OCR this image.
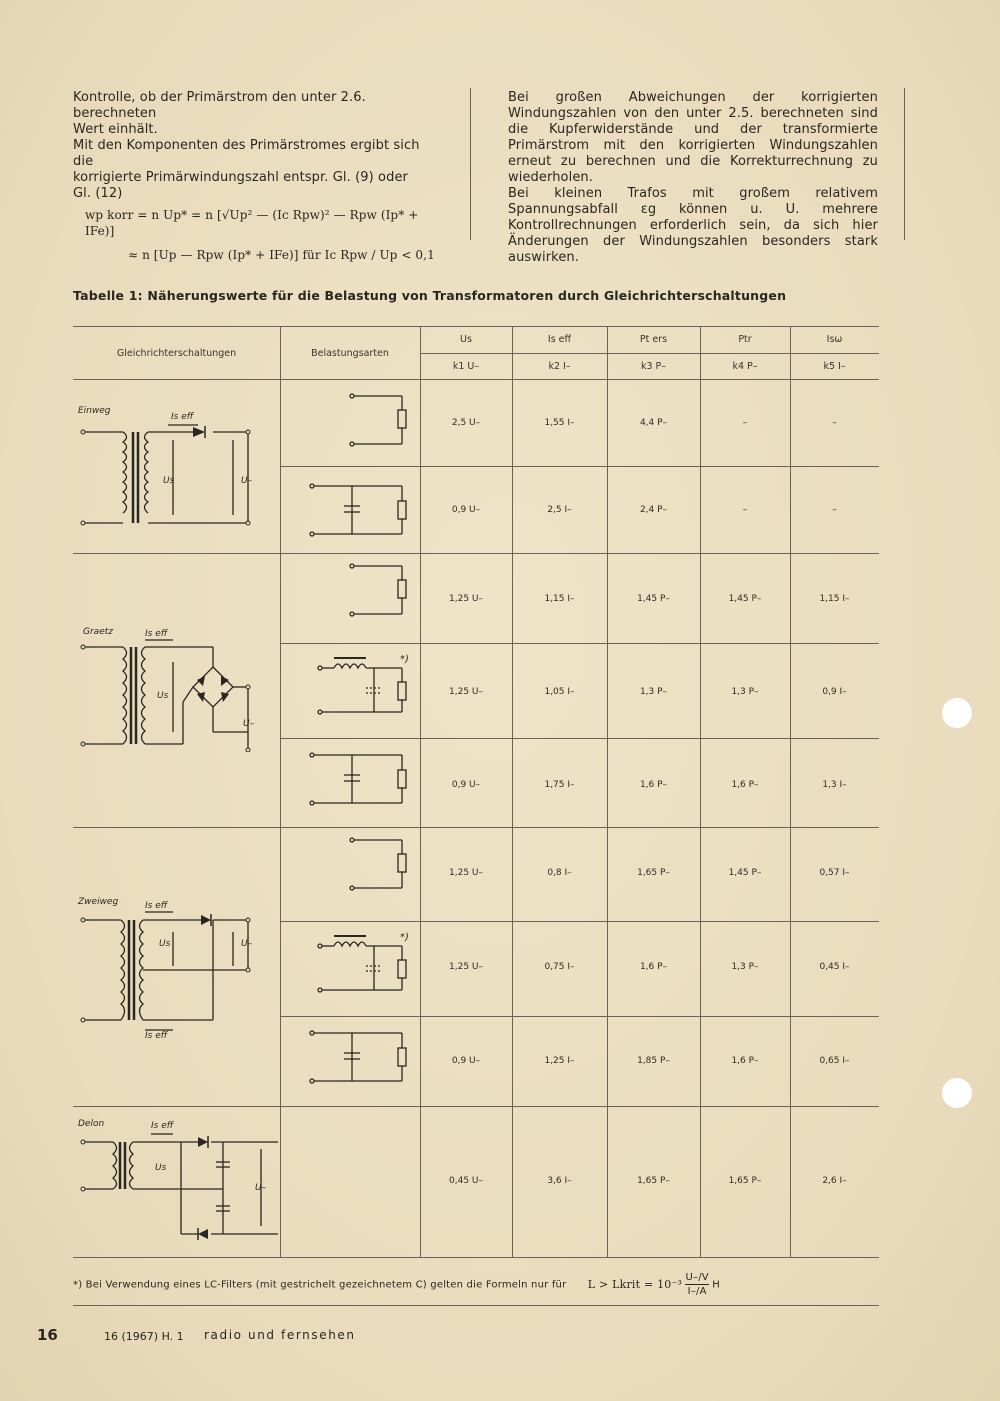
Kontrolle, ob der Primärstrom den unter 2.6. berechneten

Wert einhält.

Mit den Komponenten des Primärstromes ergibt sich die

korrigierte Primärwindungszahl entspr. Gl. (9) oder

Gl. (12)

wp korr = n Up* = n [√Up² — (Ic Rpw)² — Rpw (Ip* + IFe)]
≈ n [Up — Rpw (Ip* + IFe)] für Ic Rpw / Up < 0,1

Bei großen Abweichungen der korrigierten Windungszahlen von den unter 2.5. berechneten sind die Kupferwiderstände und der transformierte Primärstrom mit den korrigierten Windungszahlen erneut zu berechnen und die Korrekturrechnung zu wiederholen.

Bei kleinen Trafos mit großem relativem Spannungsabfall εg können u. U. mehrere Kontrollrechnungen erforderlich sein, da sich hier Änderungen der Windungszahlen besonders stark auswirken.

Tabelle 1: Näherungswerte für die Belastung von Transformatoren durch Gleichrichterschaltungen
Gleichrichterschaltungen	Belastungsarten
Us	Is eff	Pt ers	Ptr	Isω
k1 U–	k2 I–	k3 P–	k4 P–	k5 I–
2,5 U–	1,55 I–	4,4 P–	–	–
0,9 U–	2,5 I–	2,4 P–	–	–
1,25 U–	1,15 I–	1,45 P–	1,45 P–	1,15 I–
1,25 U–	1,05 I–	1,3 P–	1,3 P–	0,9 I–
0,9 U–	1,75 I–	1,6 P–	1,6 P–	1,3 I–
1,25 U–	0,8 I–	1,65 P–	1,45 P–	0,57 I–
1,25 U–	0,75 I–	1,6 P–	1,3 P–	0,45 I–
0,9 U–	1,25 I–	1,85 P–	1,6 P–	0,65 I–
0,45 U–	3,6 I–	1,65 P–	1,65 P–	2,6 I–
Einweg
Is eff
Us	U–
Graetz	Is eff
Us
U–
Zweiweg	Is eff
Us	U–
Is eff
Delon	Is eff
Us
U–
*)
*)
*) Bei Verwendung eines LC-Filters (mit gestrichelt gezeichnetem C) gelten die Formeln nur für L > Lkrit = $10^{-3} \frac{U-/V}{I-/A}$ H
16	16 (1967) H. 1 radio und fernsehen
